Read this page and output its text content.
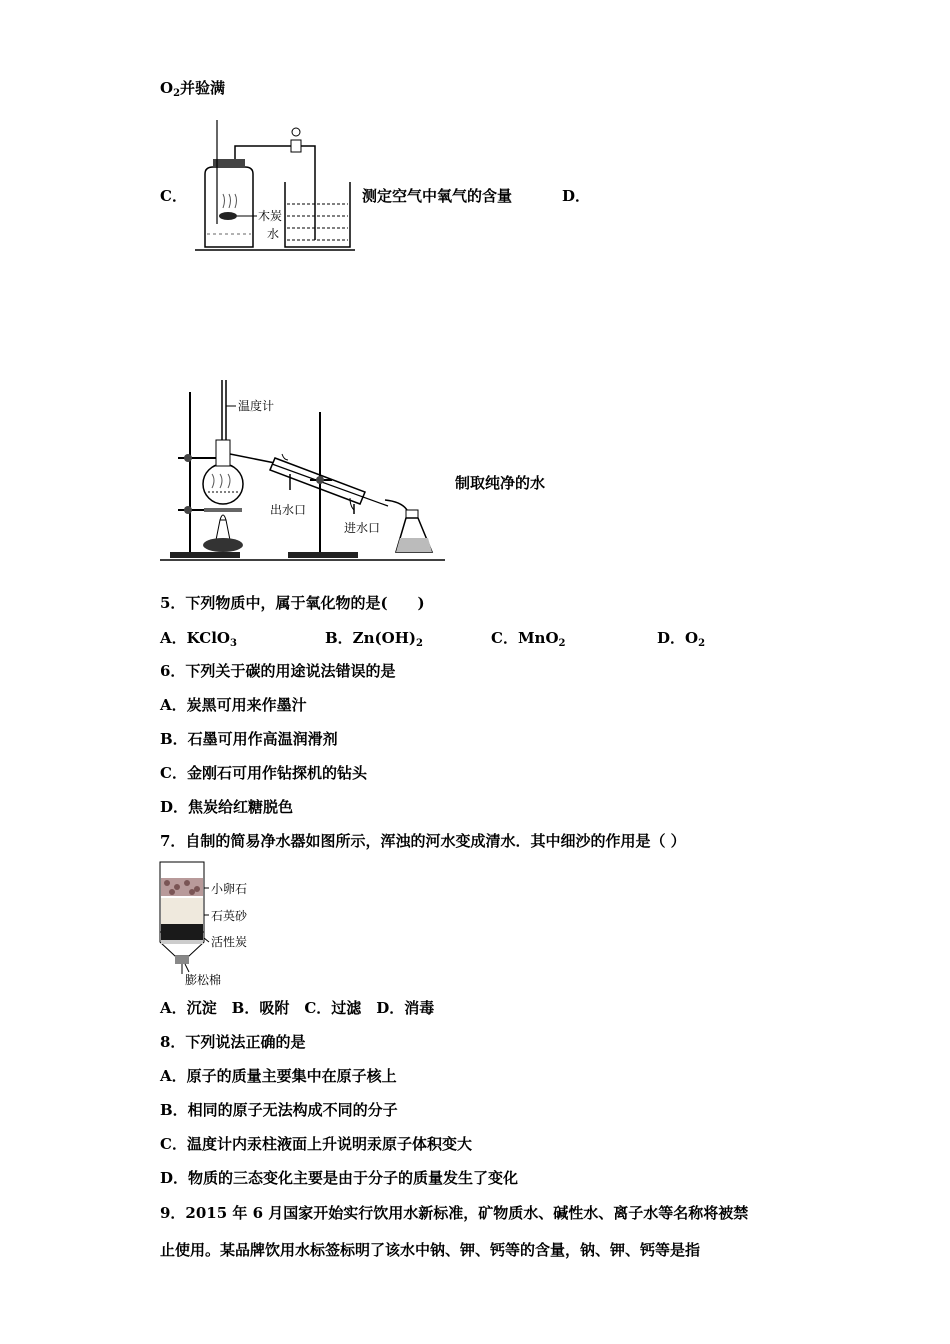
$O_2$并验满
C．
木炭
水
测定空气中氧气的含量	D．
温度计
出水口
进水口
制取纯净的水
5．下列物质中，属于氧化物的是(　　)
A．KClO$_3$	B．$Zn(OH)_2$	C．MnO$_2$	D．$O_2$
6．下列关于碳的用途说法错误的是
A．炭黑可用来作墨汁
B．石墨可用作高温润滑剂
C．金刚石可用作钻探机的钻头
D．焦炭给红糖脱色
7．自制的简易净水器如图所示，浑浊的河水变成清水．其中细沙的作用是（ ）
小卵石
石英砂
活性炭
膨松棉
A．沉淀　B．吸附　C．过滤　D．消毒
8．下列说法正确的是
A．原子的质量主要集中在原子核上
B．相同的原子无法构成不同的分子
C．温度计内汞柱液面上升说明汞原子体积变大
D．物质的三态变化主要是由于分子的质量发生了变化
9．2015 年 6 月国家开始实行饮用水新标准，矿物质水、碱性水、离子水等名称将被禁
止使用。某品牌饮用水标签标明了该水中钠、钾、钙等的含量，钠、钾、钙等是指
